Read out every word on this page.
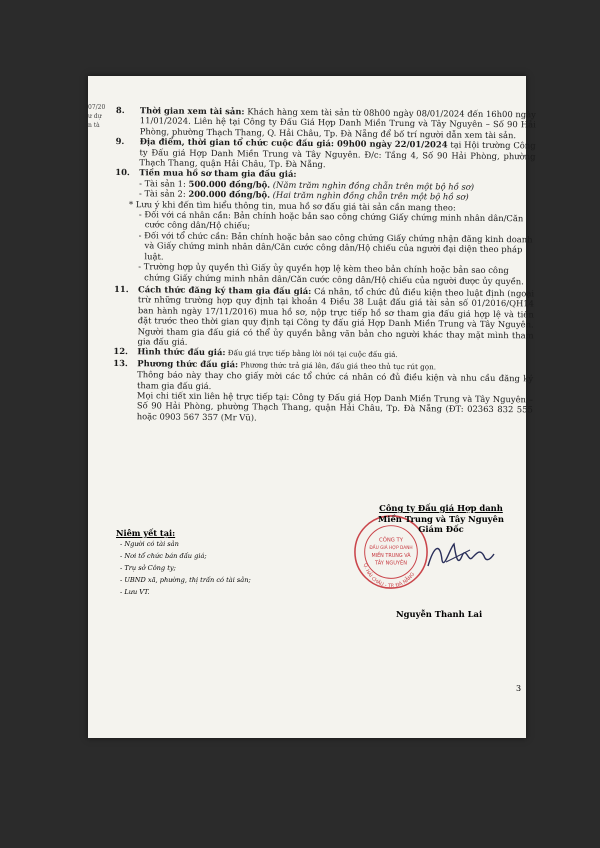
07/20
ư dự
n tà
8.	Thời gian xem tài sản: Khách hàng xem tài sản từ 08h00 ngày 08/01/2024 đến 16h00 ngày 11/01/2024. Liên hệ tại Công ty Đấu Giá Hợp Danh Miền Trung và Tây Nguyên – Số 90 Hải Phòng, phường Thạch Thang, Q. Hải Châu, Tp. Đà Nẵng để bố trí người dẫn xem tài sản.
9.	Địa điểm, thời gian tổ chức cuộc đấu giá: 09h00 ngày 22/01/2024 tại Hội trường Công ty Đấu giá Hợp Danh Miền Trung và Tây Nguyên. Đ/c: Tầng 4, Số 90 Hải Phòng, phường Thạch Thang, quận Hải Châu, Tp. Đà Nẵng.
10.	Tiền mua hồ sơ tham gia đấu giá:
- Tài sản 1: 500.000 đồng/bộ. (Năm trăm nghìn đồng chẵn trên một bộ hồ sơ)
- Tài sản 2: 200.000 đồng/bộ. (Hai trăm nghìn đồng chẵn trên một bộ hồ sơ)
* Lưu ý khi đến tìm hiểu thông tin, mua hồ sơ đấu giá tài sản cần mang theo:
- Đối với cá nhân cần: Bản chính hoặc bản sao công chứng Giấy chứng minh nhân dân/Căn cước công dân/Hộ chiếu;
- Đối với tổ chức cần: Bản chính hoặc bản sao công chứng Giấy chứng nhận đăng kinh doanh và Giấy chứng minh nhân dân/Căn cước công dân/Hộ chiếu của người đại diện theo pháp luật.
- Trường hợp ủy quyền thì Giấy ủy quyền hợp lệ kèm theo bản chính hoặc bản sao công chứng Giấy chứng minh nhân dân/Căn cước công dân/Hộ chiếu của người được ủy quyền.
11.	Cách thức đăng ký tham gia đấu giá: Cá nhân, tổ chức đủ điều kiện theo luật định (ngoại trừ những trường hợp quy định tại khoản 4 Điều 38 Luật đấu giá tài sản số 01/2016/QH14 ban hành ngày 17/11/2016) mua hồ sơ, nộp trực tiếp hồ sơ tham gia đấu giá hợp lệ và tiền đặt trước theo thời gian quy định tại Công ty đấu giá Hợp Danh Miền Trung và Tây Nguyên. Người tham gia đấu giá có thể ủy quyền bằng văn bản cho người khác thay mặt mình tham gia đấu giá.
12.	Hình thức đấu giá: Đấu giá trực tiếp bằng lời nói tại cuộc đấu giá.
13.	Phương thức đấu giá: Phương thức trả giá lên, đấu giá theo thủ tục rút gọn.
Thông báo này thay cho giấy mời các tổ chức cá nhân có đủ điều kiện và nhu cầu đăng ký tham gia đấu giá.
Mọi chi tiết xin liên hệ trực tiếp tại: Công ty Đấu giá Hợp Danh Miền Trung và Tây Nguyên – Số 90 Hải Phòng, phường Thạch Thang, quận Hải Châu, Tp. Đà Nẵng (ĐT: 02363 832 555 hoặc 0903 567 357 (Mr Vũ).
Niêm yết tại:
- Người có tài sản
- Nơi tổ chức bán đấu giá;
- Trụ sở Công ty;
- UBND xã, phường, thị trấn có tài sản;
- Lưu VT.
Q. HẢI CHÂU - TP. ĐÀ NẴNG
CÔNG TY
ĐẤU GIÁ HỢP DANH
MIỀN TRUNG VÀ
TÂY NGUYÊN
Công ty Đấu giá Hợp danh
Miền Trung và Tây Nguyên
Giám Đốc
Nguyễn Thanh Lai
3
